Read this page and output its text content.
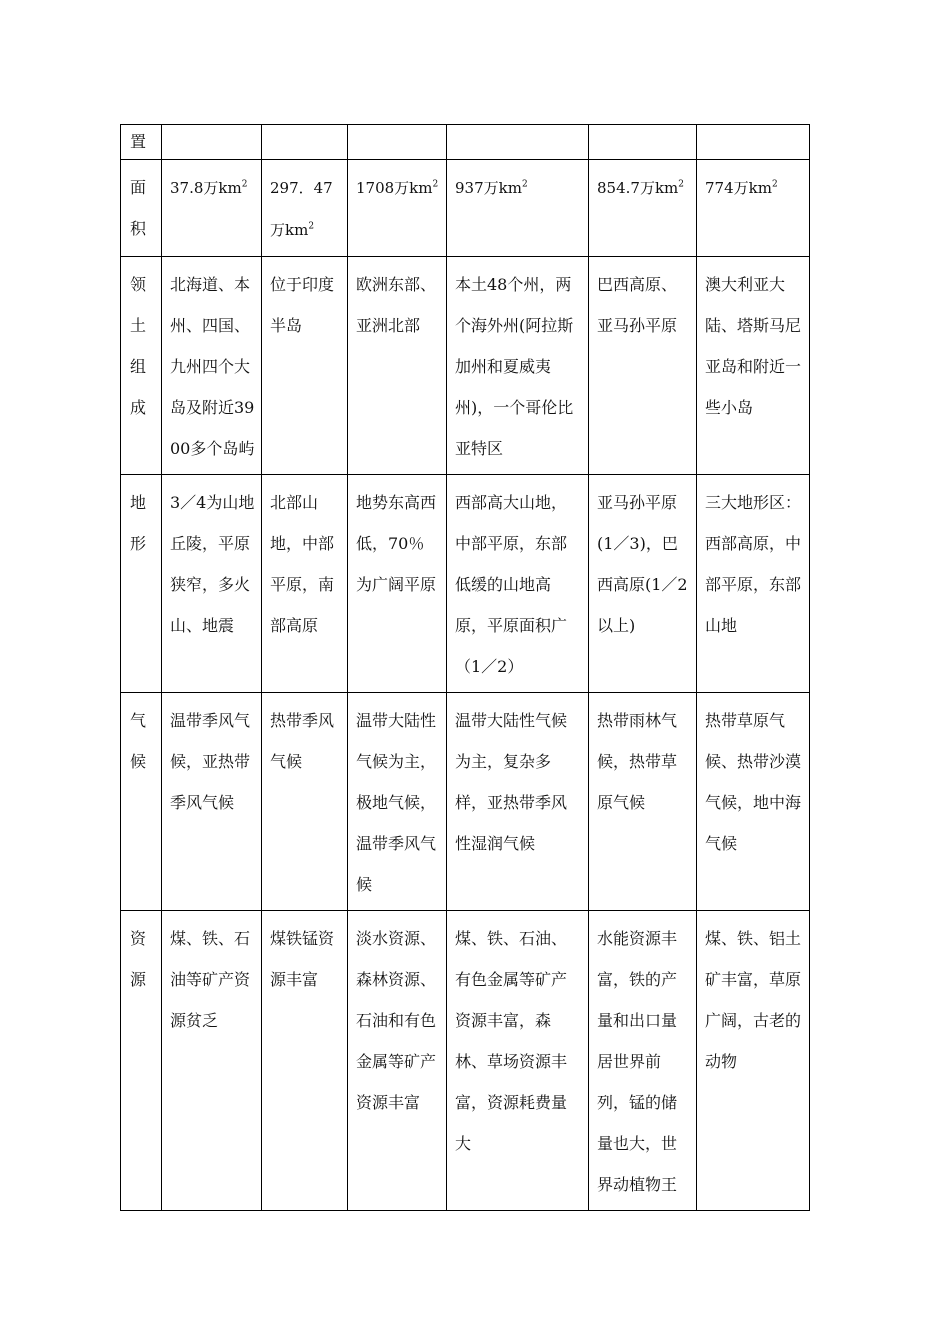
置						
面积	37.8万$km^2$	297．47万$km^2$	1708万$km^2$	937万$km^2$	854.7万$km^2$	774万$km^2$
领土组成	北海道、本州、四国、九州四个大岛及附近3900多个岛屿	位于印度半岛	欧洲东部、亚洲北部	本土48个州，两个海外州(阿拉斯加州和夏威夷州)，一个哥伦比亚特区	巴西高原、亚马孙平原	澳大利亚大陆、塔斯马尼亚岛和附近一些小岛
地形	3／4为山地丘陵，平原狭窄，多火山、地震	北部山地，中部平原，南部高原	地势东高西低，70％为广阔平原	西部高大山地，中部平原，东部低缓的山地高原，平原面积广（1／2）	亚马孙平原(1／3)，巴西高原(1／2以上)	三大地形区：西部高原，中部平原，东部山地
气候	温带季风气候，亚热带季风气候	热带季风气候	温带大陆性气候为主，极地气候，温带季风气候	温带大陆性气候为主，复杂多样，亚热带季风性湿润气候	热带雨林气候，热带草原气候	热带草原气候、热带沙漠气候，地中海气候
资源	煤、铁、石油等矿产资源贫乏	煤铁锰资源丰富	淡水资源、森林资源、石油和有色金属等矿产资源丰富	煤、铁、石油、有色金属等矿产资源丰富，森林、草场资源丰富，资源耗费量大	水能资源丰富，铁的产量和出口量居世界前列，锰的储量也大，世界动植物王	煤、铁、铝土矿丰富，草原广阔，古老的动物
